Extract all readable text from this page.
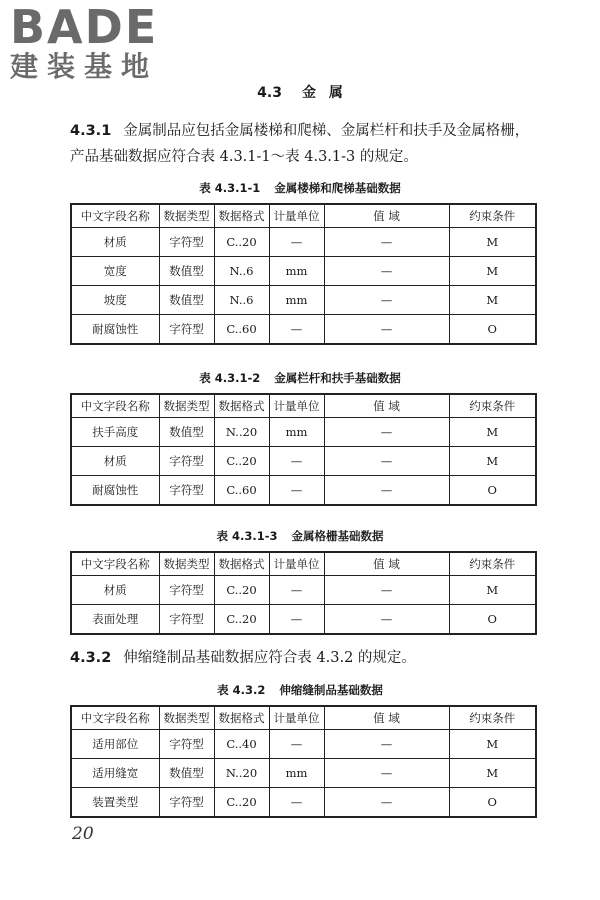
BADE
建装基地
4.3 金 属
4.3.1 金属制品应包括金属楼梯和爬梯、金属栏杆和扶手及金属格栅，产品基础数据应符合表 4.3.1-1～表 4.3.1-3 的规定。
表 4.3.1-1 金属楼梯和爬梯基础数据
中文字段名称	数据类型	数据格式	计量单位	值 域	约束条件
材质	字符型	C..20	—	—	M
宽度	数值型	N..6	mm	—	M
坡度	数值型	N..6	mm	—	M
耐腐蚀性	字符型	C..60	—	—	O
表 4.3.1-2 金属栏杆和扶手基础数据
中文字段名称	数据类型	数据格式	计量单位	值 域	约束条件
扶手高度	数值型	N..20	mm	—	M
材质	字符型	C..20	—	—	M
耐腐蚀性	字符型	C..60	—	—	O
表 4.3.1-3 金属格栅基础数据
中文字段名称	数据类型	数据格式	计量单位	值 域	约束条件
材质	字符型	C..20	—	—	M
表面处理	字符型	C..20	—	—	O
4.3.2 伸缩缝制品基础数据应符合表 4.3.2 的规定。
表 4.3.2 伸缩缝制品基础数据
中文字段名称	数据类型	数据格式	计量单位	值 域	约束条件
适用部位	字符型	C..40	—	—	M
适用缝宽	数值型	N..20	mm	—	M
装置类型	字符型	C..20	—	—	O
20
